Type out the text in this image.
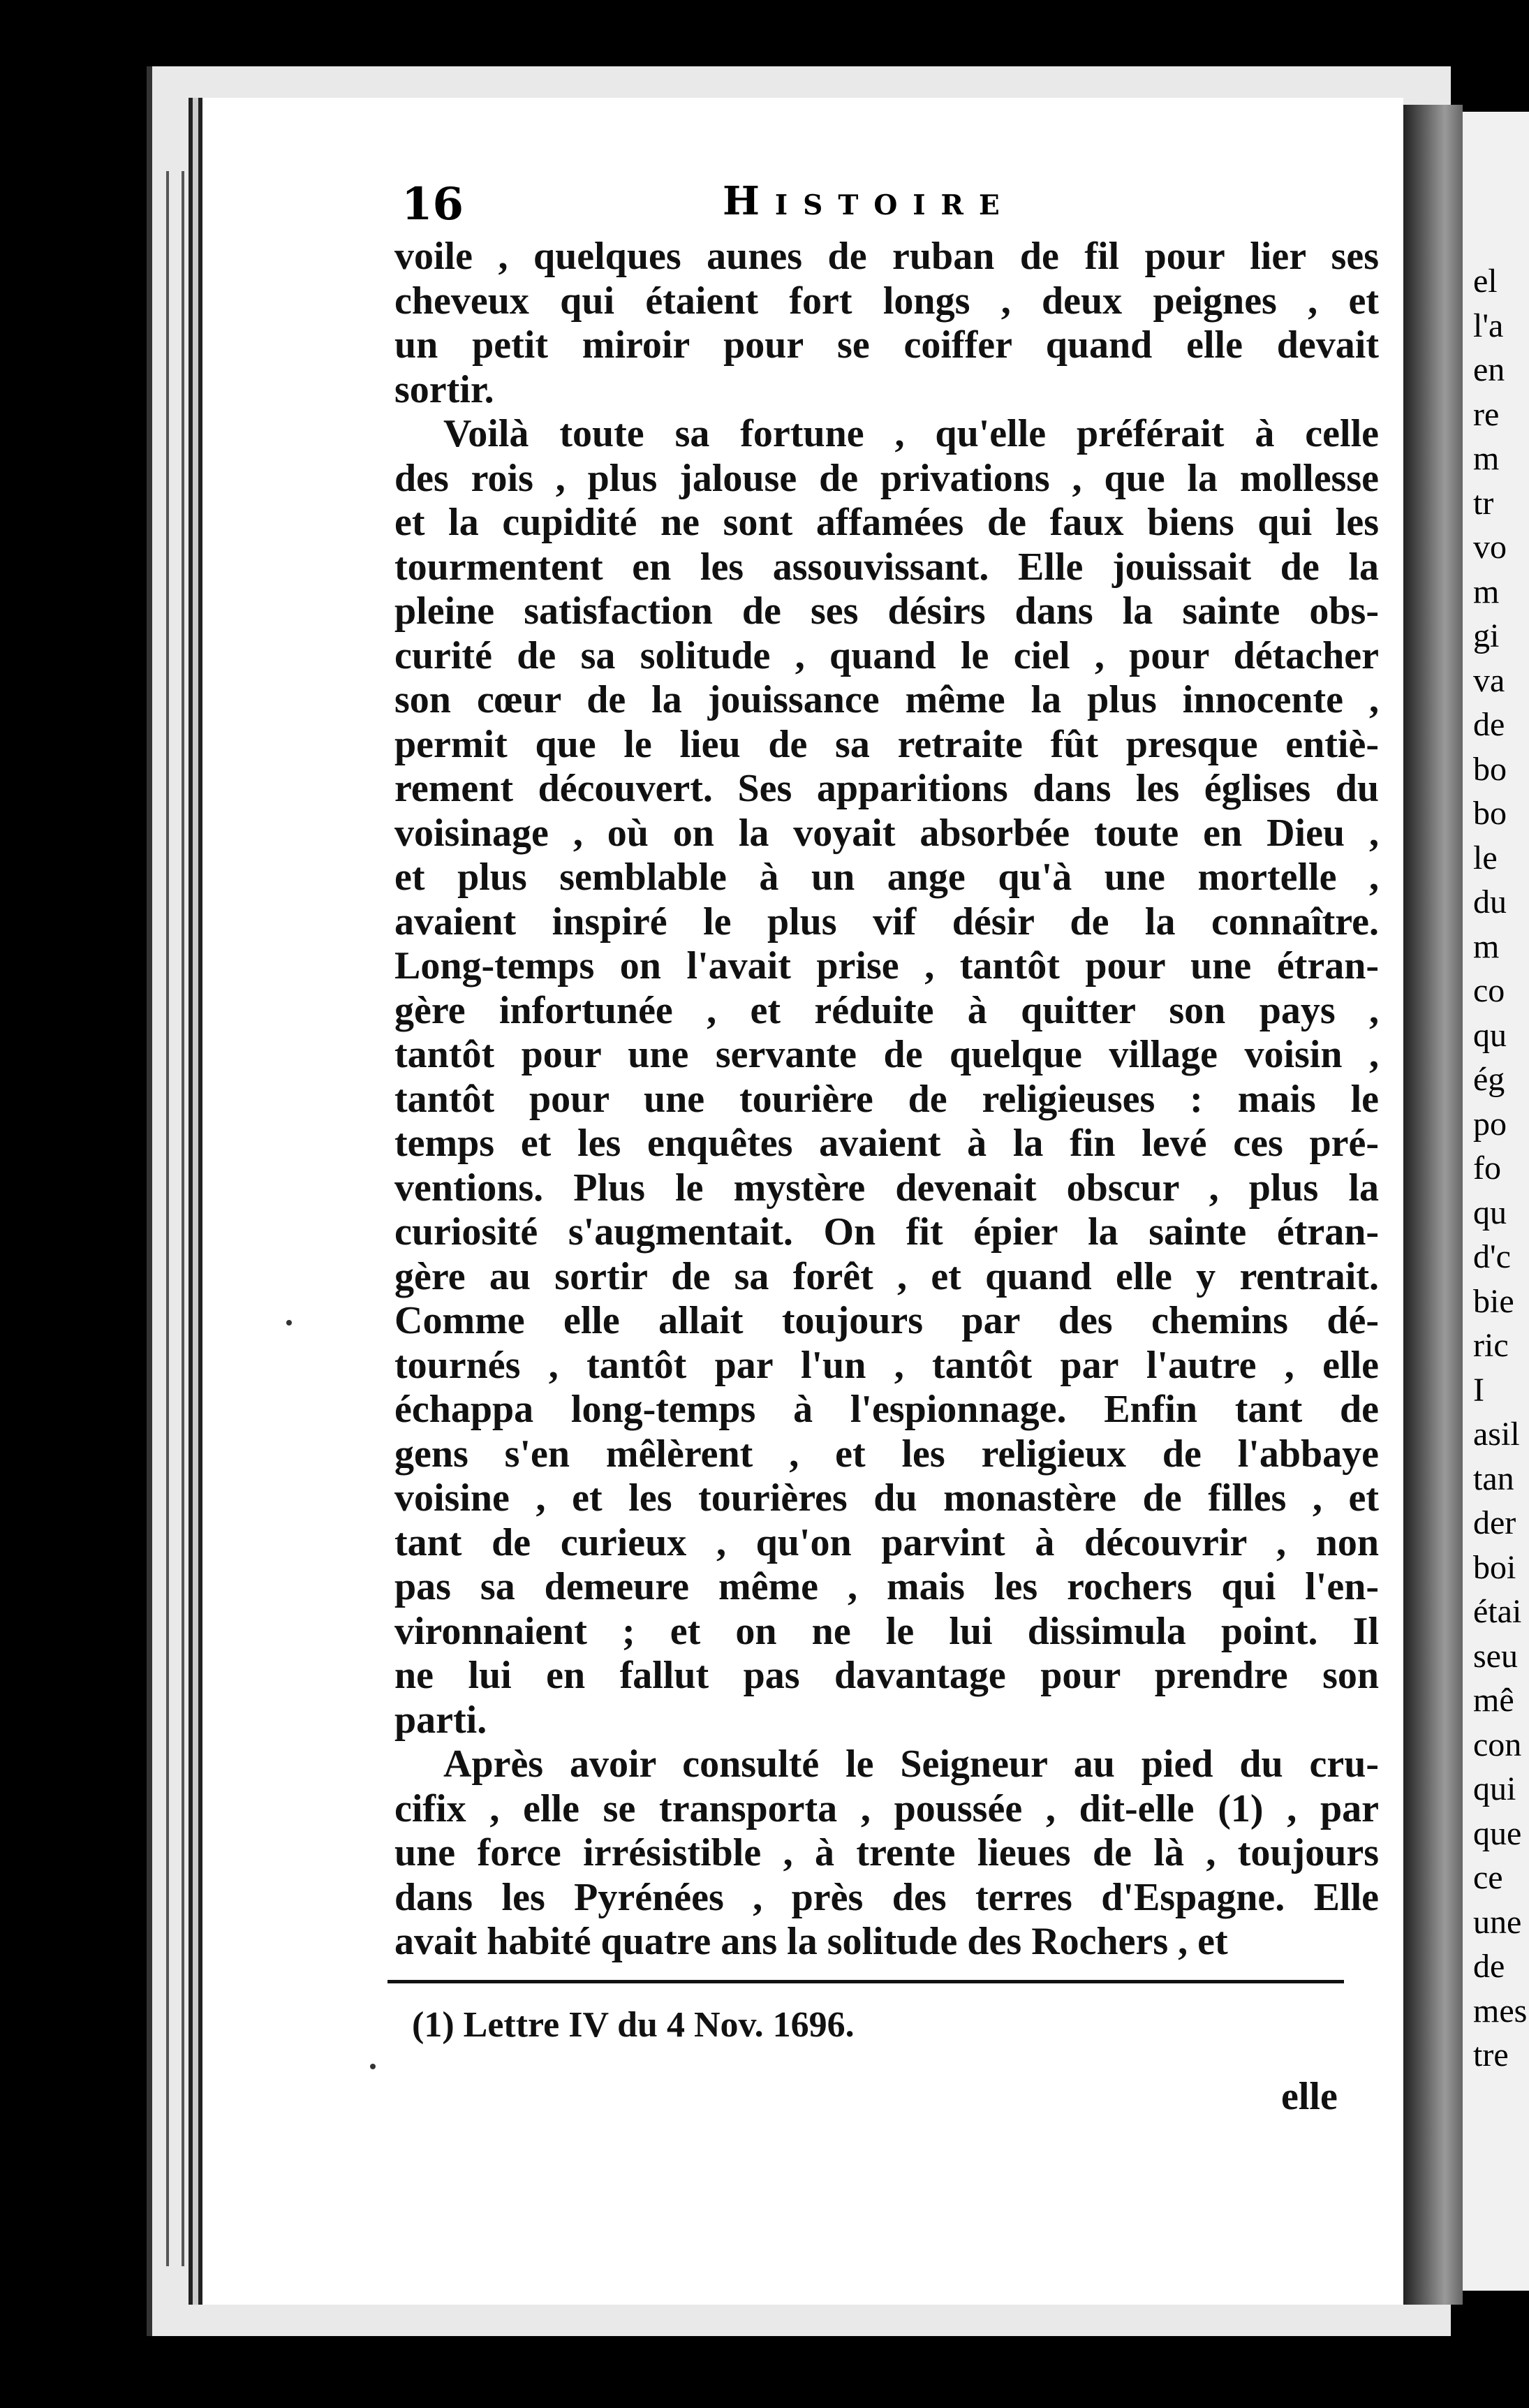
el
l'a
en
re
m
tr
vo
m
gi
va
de
bo
bo
le
du
m
co
qu
ég
po
fo
qu
d'c
bie
ric
I
asil
tan
der
boi
étai
seu
mê
con
qui
que
ce
une
de
mes
tre
16	Histoire
voile , quelques aunes de ruban de fil pour lier ses
cheveux qui étaient fort longs , deux peignes , et
un petit miroir pour se coiffer quand elle devait
sortir.
Voilà toute sa fortune , qu'elle préférait à celle
des rois , plus jalouse de privations , que la mollesse
et la cupidité ne sont affamées de faux biens qui les
tourmentent en les assouvissant. Elle jouissait de la
pleine satisfaction de ses désirs dans la sainte obs-
curité de sa solitude , quand le ciel , pour détacher
son cœur de la jouissance même la plus innocente ,
permit que le lieu de sa retraite fût presque entiè-
rement découvert. Ses apparitions dans les églises du
voisinage , où on la voyait absorbée toute en Dieu ,
et plus semblable à un ange qu'à une mortelle ,
avaient inspiré le plus vif désir de la connaître.
Long-temps on l'avait prise , tantôt pour une étran-
gère infortunée , et réduite à quitter son pays ,
tantôt pour une servante de quelque village voisin ,
tantôt pour une tourière de religieuses : mais le
temps et les enquêtes avaient à la fin levé ces pré-
ventions. Plus le mystère devenait obscur , plus la
curiosité s'augmentait. On fit épier la sainte étran-
gère au sortir de sa forêt , et quand elle y rentrait.
Comme elle allait toujours par des chemins dé-
tournés , tantôt par l'un , tantôt par l'autre , elle
échappa long-temps à l'espionnage. Enfin tant de
gens s'en mêlèrent , et les religieux de l'abbaye
voisine , et les tourières du monastère de filles , et
tant de curieux , qu'on parvint à découvrir , non
pas sa demeure même , mais les rochers qui l'en-
vironnaient ; et on ne le lui dissimula point. Il
ne lui en fallut pas davantage pour prendre son
parti.
Après avoir consulté le Seigneur au pied du cru-
cifix , elle se transporta , poussée , dit-elle (1) , par
une force irrésistible , à trente lieues de là , toujours
dans les Pyrénées , près des terres d'Espagne. Elle
avait habité quatre ans la solitude des Rochers , et
(1) Lettre IV du 4 Nov. 1696.
elle
